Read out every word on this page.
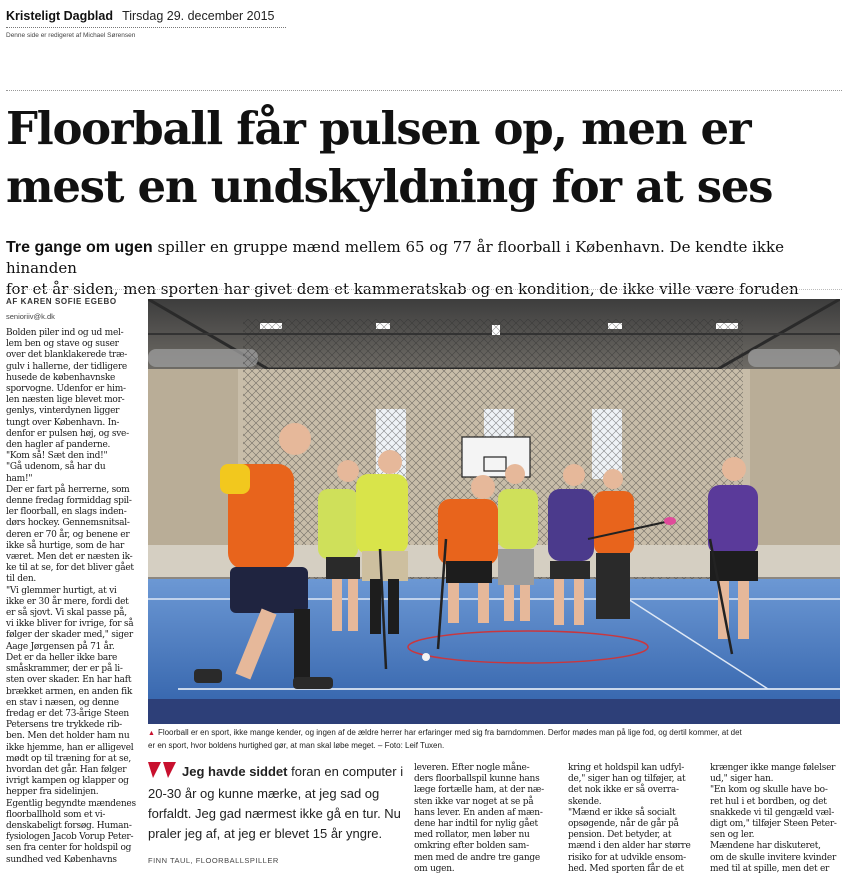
Kristeligt Dagblad Tirsdag 29. december 2015
Denne side er redigeret af Michael Sørensen
Floorball får pulsen op, men er
mest en undskyldning for at ses
Tre gange om ugen spiller en gruppe mænd mellem 65 og 77 år floorball i København. De kendte ikke hinanden
for et år siden, men sporten har givet dem et kammeratskab og en kondition, de ikke ville være foruden
AF KAREN SOFIE EGEBO
senioriiv@k.dk

Bolden piler ind og ud mel-

lem ben og stave og suser

over det blanklakerede træ-

gulv i hallerne, der tidligere

husede de københavnske

sporvogne. Udenfor er him-

len næsten lige blevet mor-

genlys, vinterdynen ligger

tungt over København. In-

denfor er pulsen høj, og sve-

den hagler af panderne.

"Kom så! Sæt den ind!"

"Gå udenom, så har du

ham!"

Der er fart på herrerne, som

denne fredag formiddag spil-

ler floorball, en slags inden-

dørs hockey. Gennemsnitsal-

deren er 70 år, og benene er

ikke så hurtige, som de har

været. Men det er næsten ik-

ke til at se, for det bliver gået

til den.

"Vi glemmer hurtigt, at vi

ikke er 30 år mere, fordi det

er så sjovt. Vi skal passe på,

vi ikke bliver for ivrige, for så

følger der skader med," siger

Aage Jørgensen på 71 år.

Det er da heller ikke bare

småskrammer, der er på li-

sten over skader. En har haft

brækket armen, en anden fik

en stav i næsen, og denne

fredag er det 73-årige Steen

Petersens tre trykkede rib-

ben. Men det holder ham nu

ikke hjemme, han er alligevel

mødt op til træning for at se,

hvordan det går. Han følger

ivrigt kampen og klapper og

hepper fra sidelinjen.

Egentlig begyndte mændenes

floorballhold som et vi-

denskabeligt forsøg. Human-

fysiologen Jacob Vorup Peter-

sen fra center for holdspil og

sundhed ved Københavns

▲ Floorball er en sport, ikke mange kender, og ingen af de ældre herrer har erfaringer med sig fra barndommen. Derfor mødes man på lige fod, og dertil kommer, at det
er en sport, hvor boldens hurtighed gør, at man skal løbe meget. – Foto: Leif Tuxen.
Jeg havde siddet foran en computer i 20-30 år og kunne mærke, at jeg sad og forfaldt. Jeg gad nærmest ikke gå en tur. Nu praler jeg af, at jeg er blevet 15 år yngre.
FINN TAUL, FLOORBALLSPILLER

leveren. Efter nogle måne-

ders floorballspil kunne hans

læge fortælle ham, at der næ-

sten ikke var noget at se på

hans lever. En anden af mæn-

dene har indtil for nylig gået

med rollator, men løber nu

omkring efter bolden sam-

men med de andre tre gange

om ugen.

kring et holdspil kan udfyl-

de," siger han og tilføjer, at

det nok ikke er så overra-

skende.

"Mænd er ikke så socialt

opsøgende, når de går på

pension. Det betyder, at

mænd i den alder har større

risiko for at udvikle ensom-

hed. Med sporten får de et

krænger ikke mange følelser

ud," siger han.

"En kom og skulle have bo-

ret hul i et bordben, og det

snakkede vi til gengæld væl-

digt om," tilføjer Steen Peter-

sen og ler.

Mændene har diskuteret,

om de skulle invitere kvinder

med til at spille, men det er
